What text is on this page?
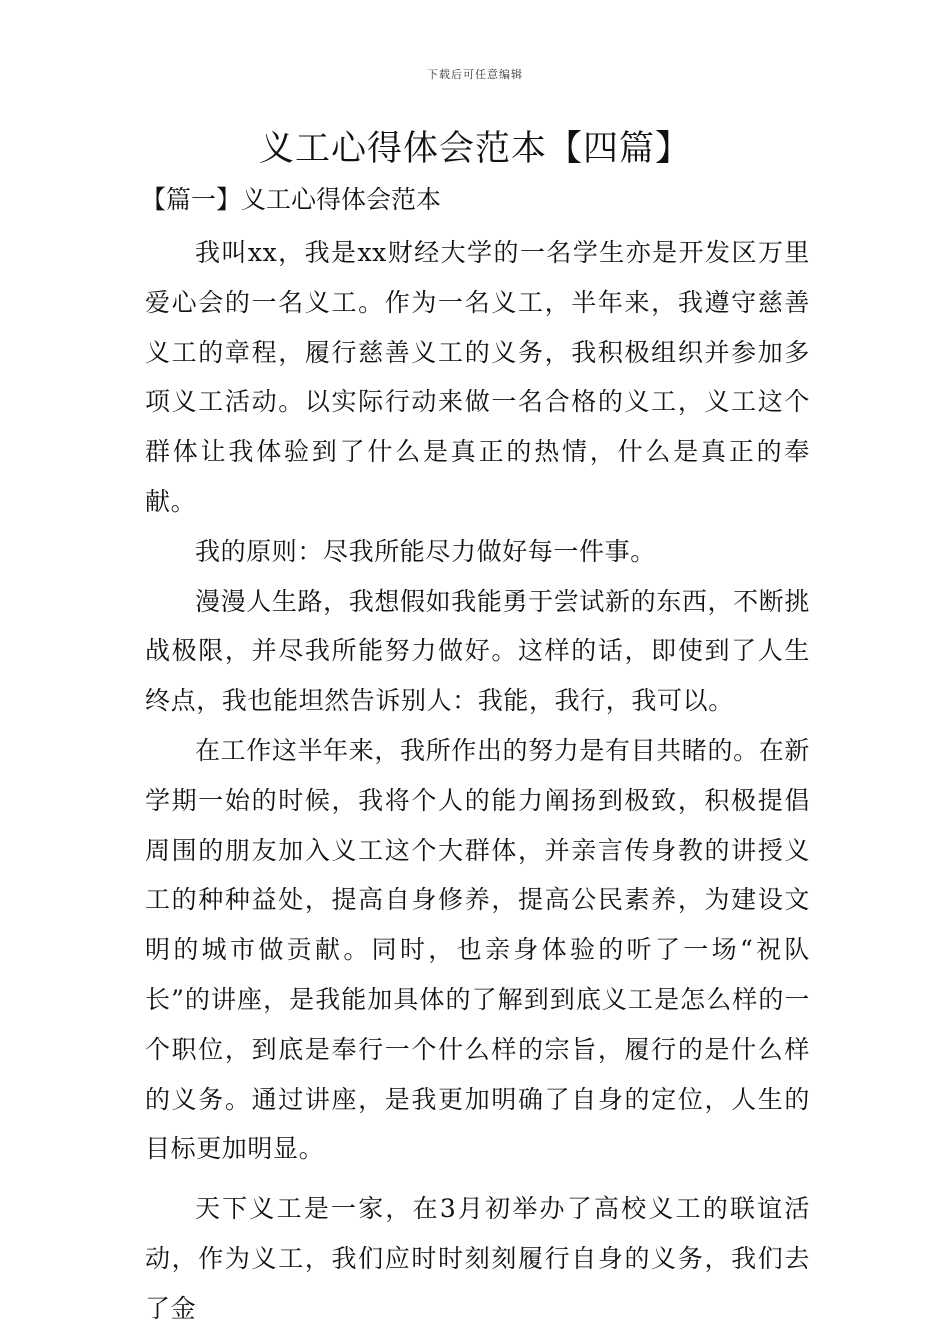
下载后可任意编辑
义工心得体会范本【四篇】
【篇一】义工心得体会范本

我叫xx，我是xx财经大学的一名学生亦是开发区万里爱心会的一名义工。作为一名义工，半年来，我遵守慈善义工的章程，履行慈善义工的义务，我积极组织并参加多项义工活动。以实际行动来做一名合格的义工，义工这个群体让我体验到了什么是真正的热情，什么是真正的奉献。

我的原则：尽我所能尽力做好每一件事。

漫漫人生路，我想假如我能勇于尝试新的东西，不断挑战极限，并尽我所能努力做好。这样的话，即使到了人生终点，我也能坦然告诉别人：我能，我行，我可以。

在工作这半年来，我所作出的努力是有目共睹的。在新学期一始的时候，我将个人的能力阐扬到极致，积极提倡周围的朋友加入义工这个大群体，并亲言传身教的讲授义工的种种益处，提高自身修养，提高公民素养，为建设文明的城市做贡献。同时，也亲身体验的听了一场“祝队长”的讲座，是我能加具体的了解到到底义工是怎么样的一个职位，到底是奉行一个什么样的宗旨，履行的是什么样的义务。通过讲座，是我更加明确了自身的定位，人生的目标更加明显。

天下义工是一家，在3月初举办了高校义工的联谊活动，作为义工，我们应时时刻刻履行自身的义务，我们去了金
